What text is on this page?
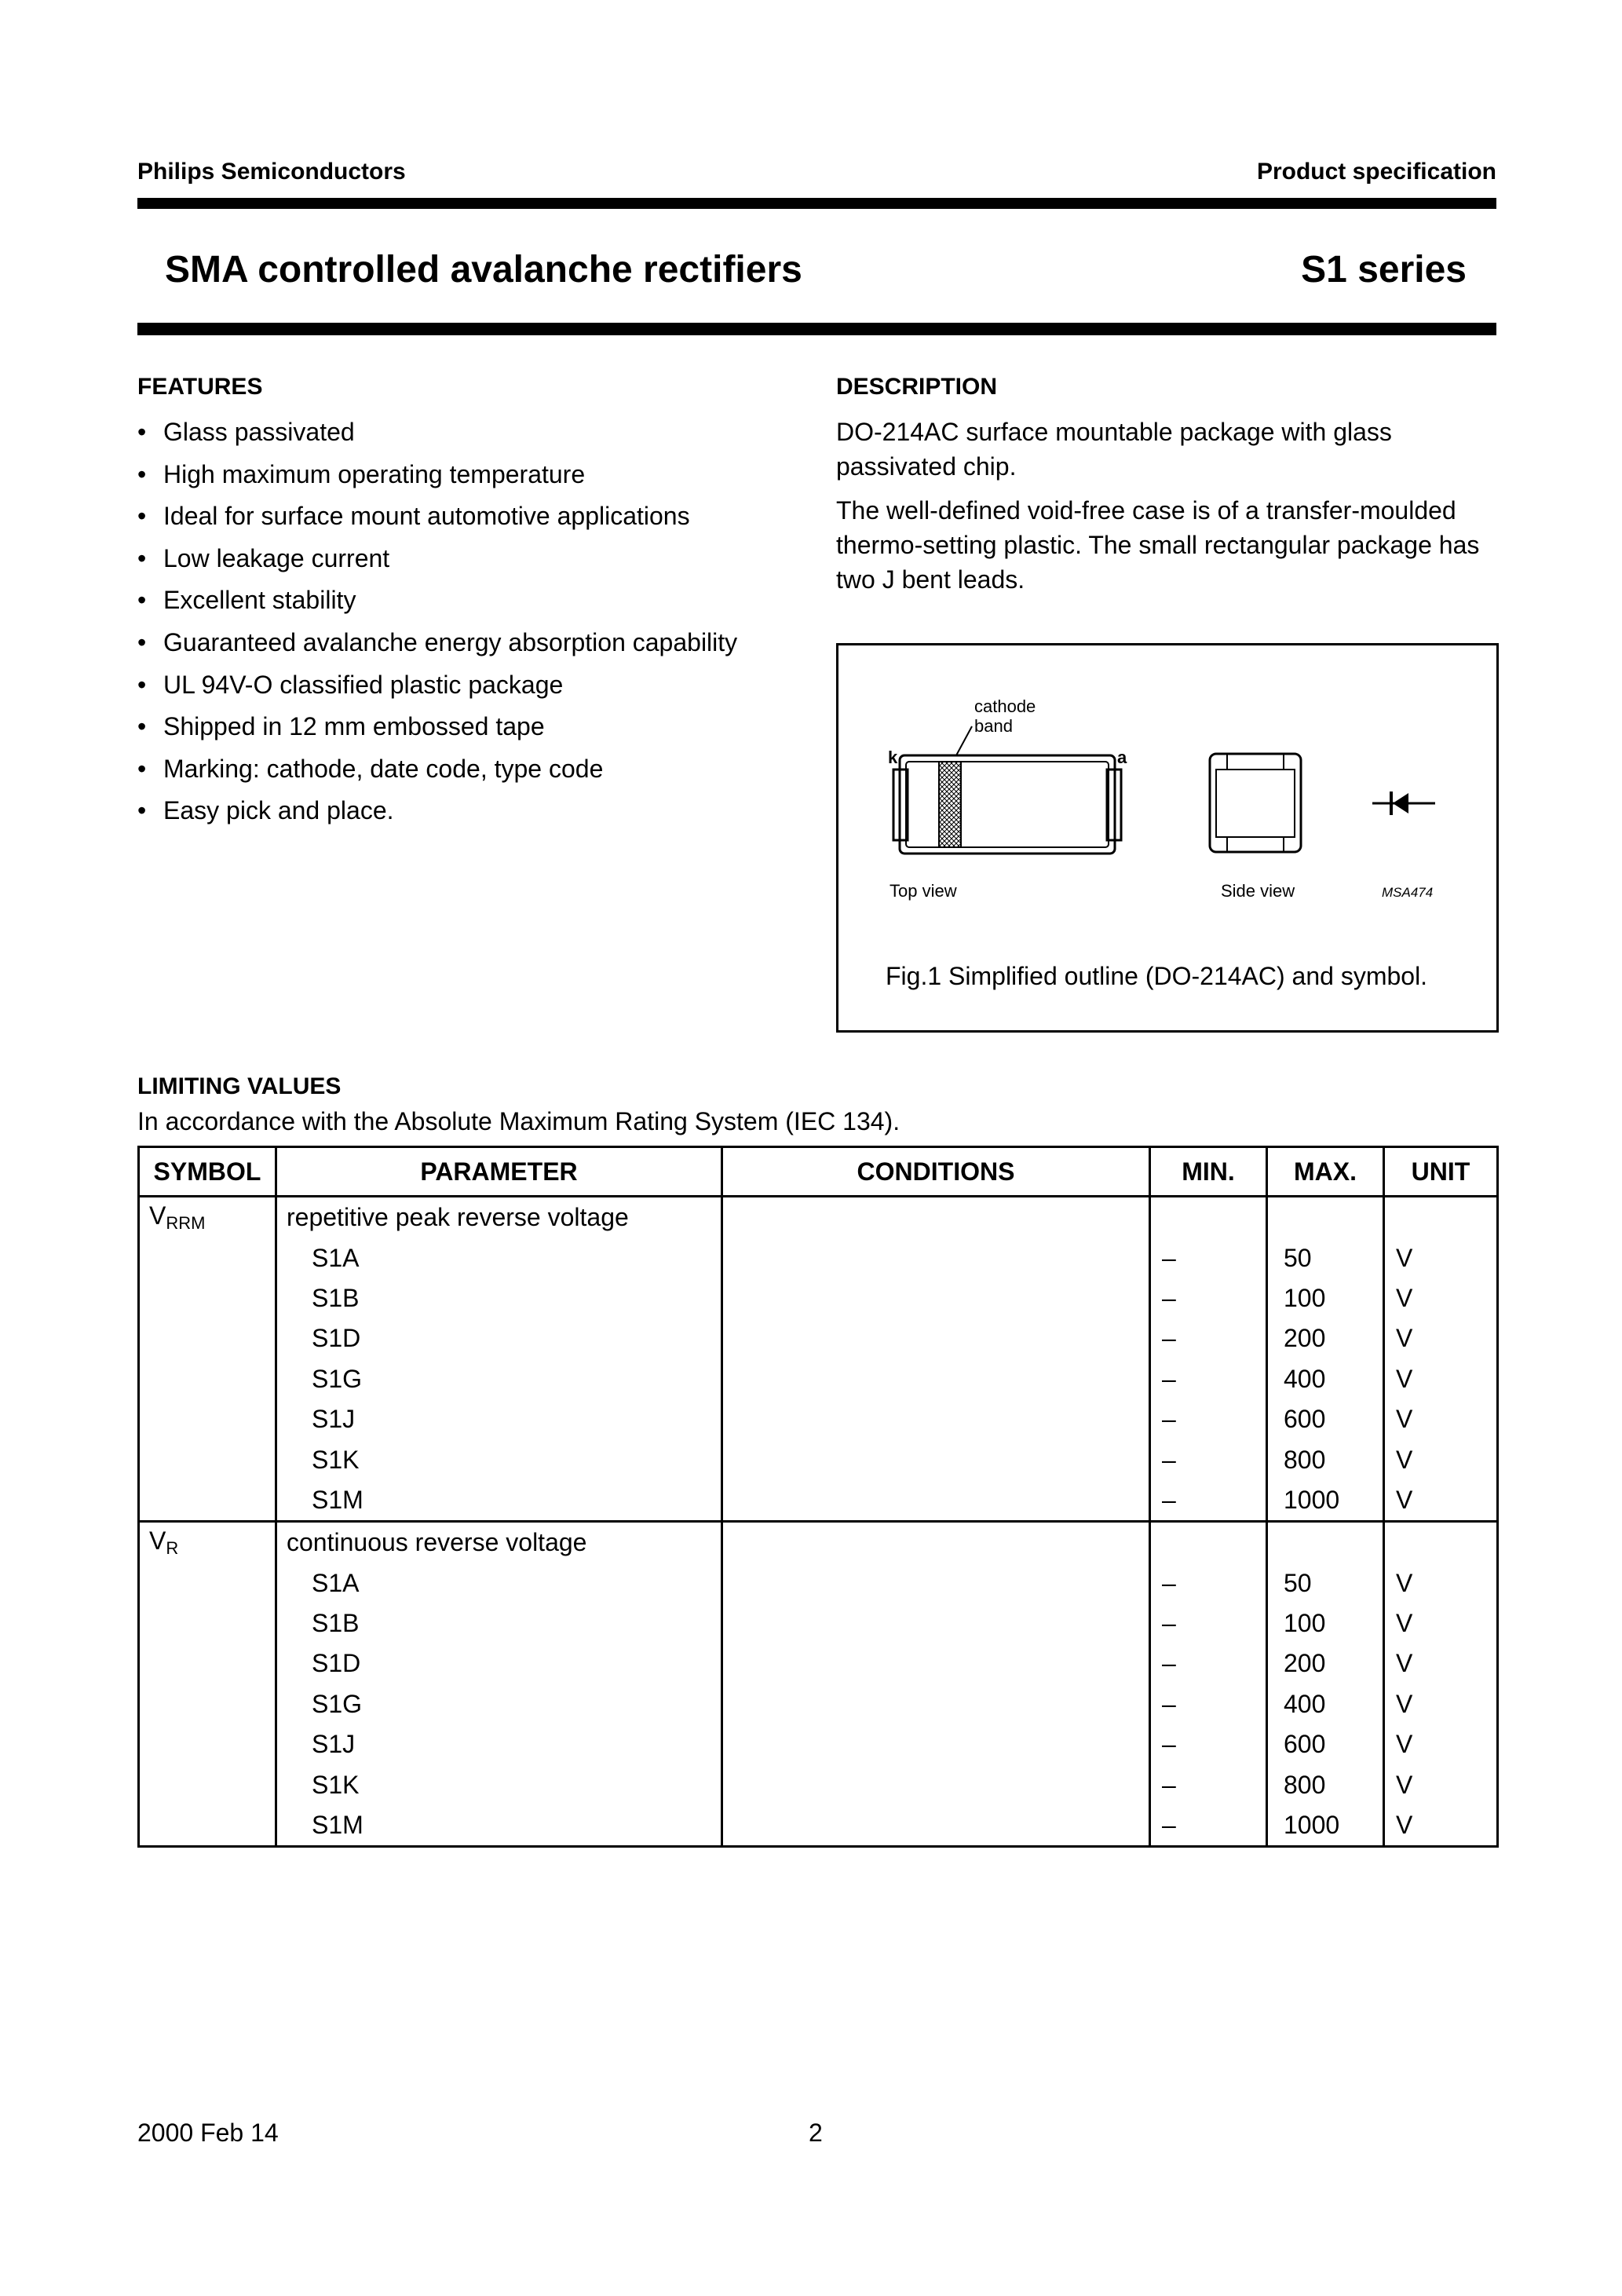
Philips Semiconductors	Product specification
SMA controlled avalanche rectifiers	S1 series
FEATURES
• Glass passivated
• High maximum operating temperature
• Ideal for surface mount automotive applications
• Low leakage current
• Excellent stability
• Guaranteed avalanche energy absorption capability
• UL 94V-O classified plastic package
• Shipped in 12 mm embossed tape
• Marking: cathode, date code, type code
• Easy pick and place.
DESCRIPTION

DO-214AC surface mountable package with glass passivated chip.

The well-defined void-free case is of a transfer-moulded thermo-setting plastic. The small rectangular package has two J bent leads.

cathode
band
k	a
Top view	Side view	MSA474
Fig.1 Simplified outline (DO-214AC) and symbol.
LIMITING VALUES
In accordance with the Absolute Maximum Rating System (IEC 134).
SYMBOL	PARAMETER	CONDITIONS	MIN.	MAX.	UNIT
$V_{RRM}$	repetitive peak reverse voltage				
	S1A		–	50	V
	S1B		–	100	V
	S1D		–	200	V
	S1G		–	400	V
	S1J		–	600	V
	S1K		–	800	V
	S1M		–	1000	V
$V_R$	continuous reverse voltage				
	S1A		–	50	V
	S1B		–	100	V
	S1D		–	200	V
	S1G		–	400	V
	S1J		–	600	V
	S1K		–	800	V
	S1M		–	1000	V
2000 Feb 14	2
